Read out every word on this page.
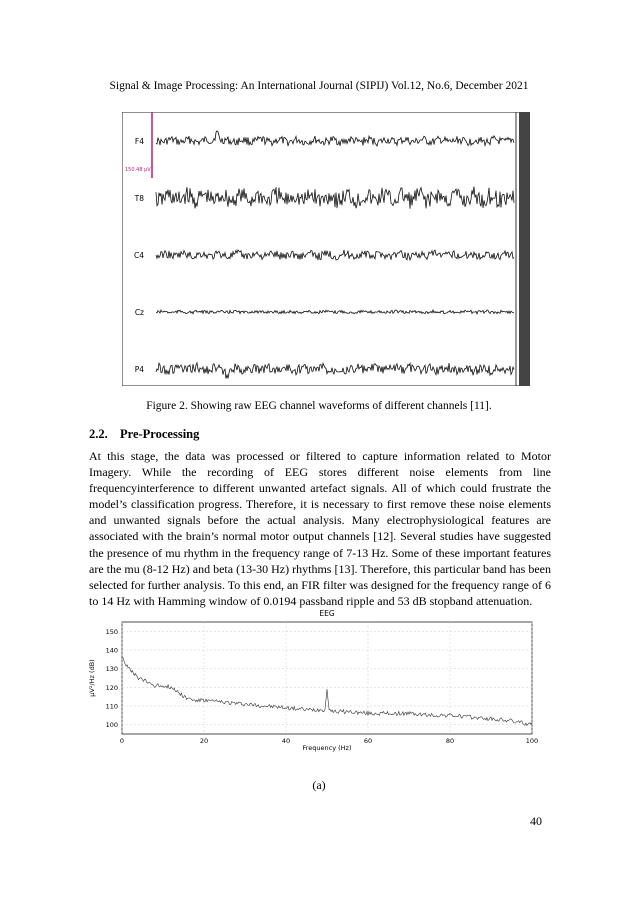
Signal & Image Processing: An International Journal (SIPIJ) Vol.12, No.6, December 2021
150.48 µV
F4
T8
C4
Cz
P4
Figure 2. Showing raw EEG channel waveforms of different channels [11].
2.2. Pre-Processing

At this stage, the data was processed or filtered to capture information related to Motor Imagery. While the recording of EEG stores different noise elements from line frequencyinterference to different unwanted artefact signals. All of which could frustrate the model’s classification progress. Therefore, it is necessary to first remove these noise elements and unwanted signals before the actual analysis. Many electrophysiological features are associated with the brain’s normal motor output channels [12]. Several studies have suggested the presence of mu rhythm in the frequency range of 7-13 Hz. Some of these important features are the mu (8-12 Hz) and beta (13-30 Hz) rhythms [13]. Therefore, this particular band has been selected for further analysis. To this end, an FIR filter was designed for the frequency range of 6 to 14 Hz with Hamming window of 0.0194 passband ripple and 53 dB stopband attenuation.

0	20	40	60	80	100
100
110
120
130
140
150
EEG
Frequency (Hz)
µV²/Hz (dB)
(a)
40
